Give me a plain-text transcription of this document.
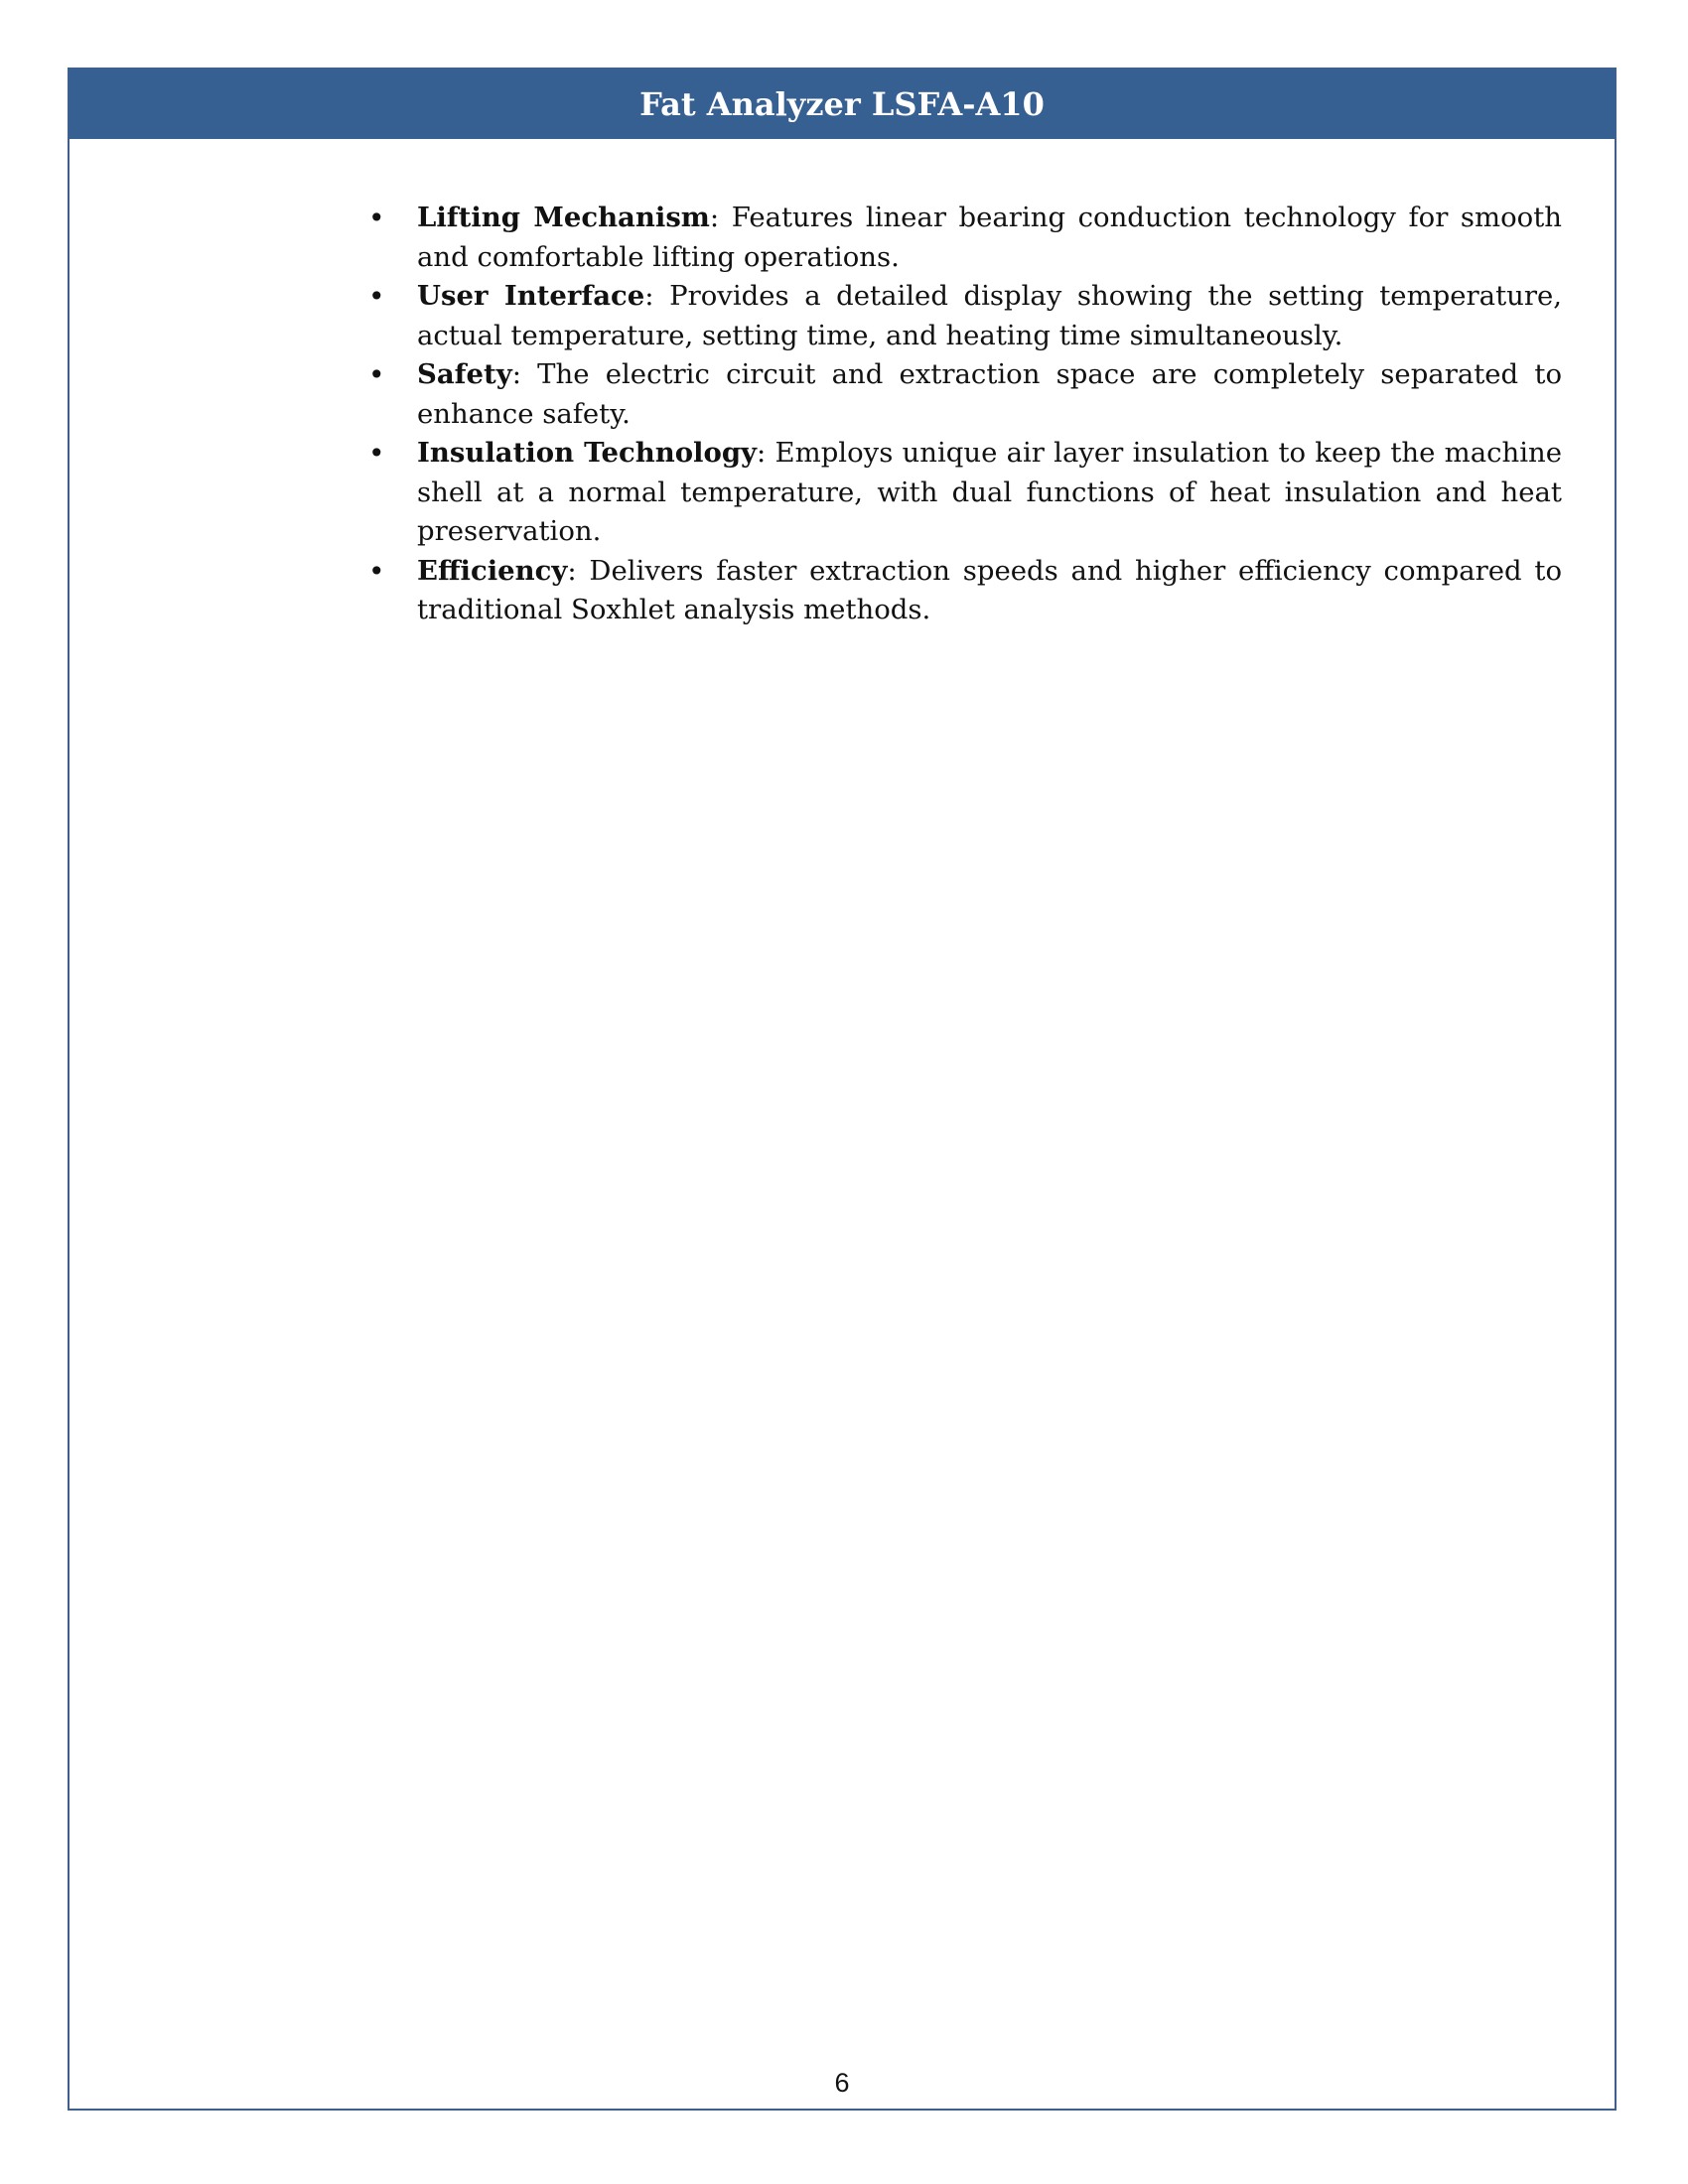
Fat Analyzer LSFA-A10
• Lifting Mechanism: Features linear bearing conduction technology for smooth and comfortable lifting operations.
• User Interface: Provides a detailed display showing the setting temperature, actual temperature, setting time, and heating time simultaneously.
• Safety: The electric circuit and extraction space are completely separated to enhance safety.
• Insulation Technology: Employs unique air layer insulation to keep the machine shell at a normal temperature, with dual functions of heat insulation and heat preservation.
• Efficiency: Delivers faster extraction speeds and higher efficiency compared to traditional Soxhlet analysis methods.
6
